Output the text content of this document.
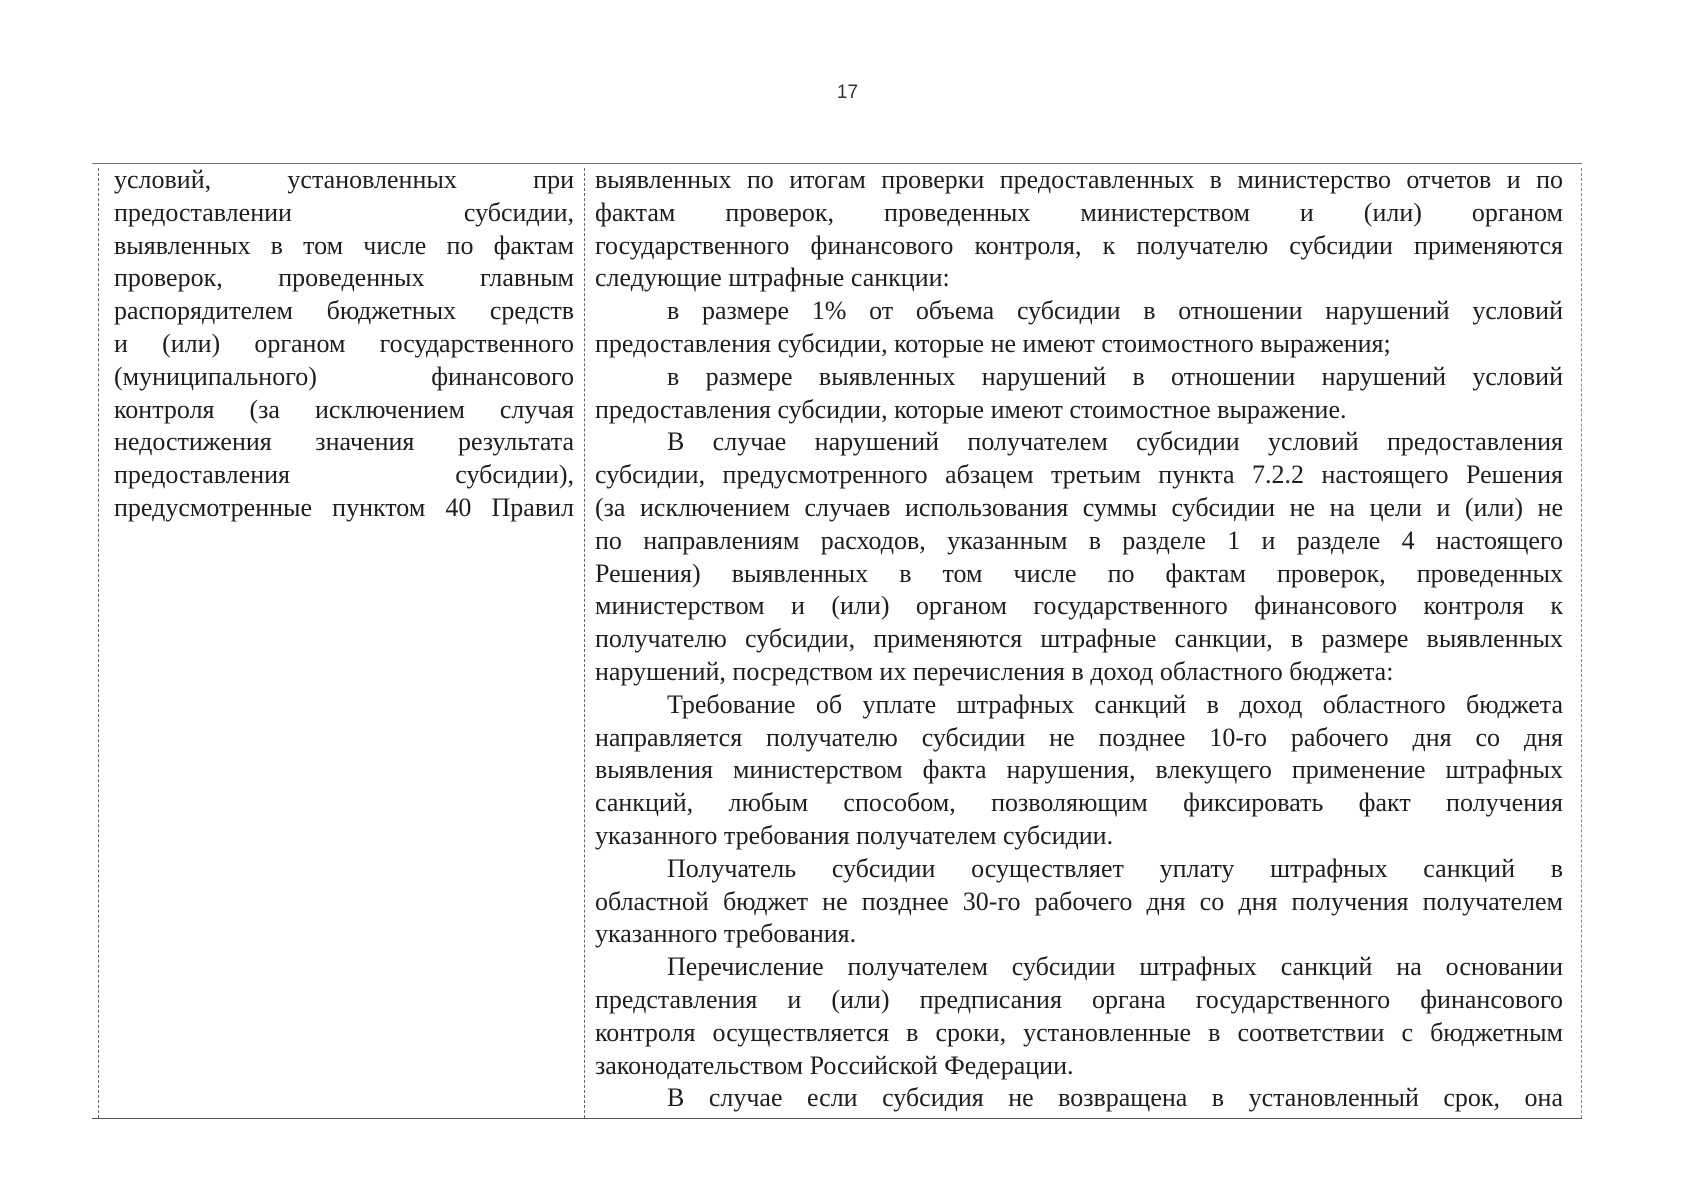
17
условий, установленных при
предоставлении субсидии,
выявленных в том числе по фактам
проверок, проведенных главным
распорядителем бюджетных средств
и (или) органом государственного
(муниципального) финансового
контроля (за исключением случая
недостижения значения результата
предоставления субсидии),
предусмотренные пунктом 40 Правил
выявленных по итогам проверки предоставленных в министерство отчетов и по
фактам проверок, проведенных министерством и (или) органом
государственного финансового контроля, к получателю субсидии применяются
следующие штрафные санкции:
в размере 1% от объема субсидии в отношении нарушений условий
предоставления субсидии, которые не имеют стоимостного выражения;
в размере выявленных нарушений в отношении нарушений условий
предоставления субсидии, которые имеют стоимостное выражение.
В случае нарушений получателем субсидии условий предоставления
субсидии, предусмотренного абзацем третьим пункта 7.2.2 настоящего Решения
(за исключением случаев использования суммы субсидии не на цели и (или) не
по направлениям расходов, указанным в разделе 1 и разделе 4 настоящего
Решения) выявленных в том числе по фактам проверок, проведенных
министерством и (или) органом государственного финансового контроля к
получателю субсидии, применяются штрафные санкции, в размере выявленных
нарушений, посредством их перечисления в доход областного бюджета:
Требование об уплате штрафных санкций в доход областного бюджета
направляется получателю субсидии не позднее 10-го рабочего дня со дня
выявления министерством факта нарушения, влекущего применение штрафных
санкций, любым способом, позволяющим фиксировать факт получения
указанного требования получателем субсидии.
Получатель субсидии осуществляет уплату штрафных санкций в
областной бюджет не позднее 30-го рабочего дня со дня получения получателем
указанного требования.
Перечисление получателем субсидии штрафных санкций на основании
представления и (или) предписания органа государственного финансового
контроля осуществляется в сроки, установленные в соответствии с бюджетным
законодательством Российской Федерации.
В случае если субсидия не возвращена в установленный срок, она
